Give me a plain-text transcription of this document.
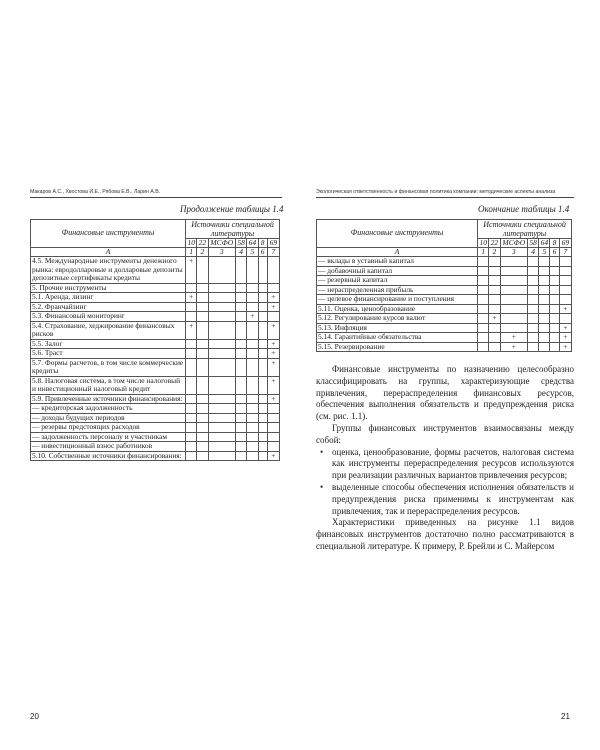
Макаров А.С., Хвостова И.Е., Рябова Е.В., Ларин А.В.
Продолжение таблицы 1.4
Финансовые инструменты	Источники специальной литературы						
	10	22	МСФО	58	64	8	69
А	1	2	3	4	5	6	7
4.5. Международные инструменты денежного рынка: евродолларовые и долларовые депозиты депозитные сертификаты кредиты	+						
5. Прочие инструменты							
5.1. Аренда, лизинг	+						+
5.2. Франчайзинг							+
5.3. Финансовый мониторинг					+		
5.4. Страхование, хеджирование финансовых рисков	+						+
5.5. Залог							+
5.6. Траст							+
5.7. Формы расчетов, в том числе коммерческие кредиты							+
5.8. Налоговая система, в том числе налоговый и инвестиционный налоговый кредит							+
5.9. Привлеченные источники финансирования:							+
— кредиторская задолженность							
— доходы будущих периодов							
— резервы предстоящих расходов							
— задолженность персоналу и участникам							
— инвестиционный взнос работников							
5.10. Собственные источники финансирования:							+
20
Экологическая ответственность и финансовая политика компании: методические аспекты анализа
Окончание таблицы 1.4
Финансовые инструменты	Источники специальной литературы						
	10	22	МСФО	58	64	8	69
А	1	2	3	4	5	6	7
— вклады в уставный капитал							
— добавочный капитал							
— резервный капитал							
— нераспределенная прибыль							
— целевое финансирование и поступления							
5.11. Оценка, ценообразование							+
5.12. Регулирование курсов валют		+					
5.13. Инфляция							+
5.14. Гарантийные обязательства			+				+
5.15. Резервирование			+				+

Финансовые инструменты по назначению целесообразно классифицировать на группы, характеризующие средства привлечения, перераспределения финансовых ресурсов, обеспечения выполнения обязательств и предупреждения риска (см. рис. 1.1).

Группы финансовых инструментов взаимосвязаны между собой:

• оценка, ценообразование, формы расчетов, налоговая система как инструменты перераспределения ресурсов используются при реализации различных вариантов привлечения ресурсов;
• выделенные способы обеспечения исполнения обязательств и предупреждения риска применимы к инструментам как привлечения, так и перераспределения ресурсов.

Характеристики приведенных на рисунке 1.1 видов финансовых инструментов достаточно полно рассматриваются в специальной литературе. К примеру, Р. Брейли и С. Майерсом

21
